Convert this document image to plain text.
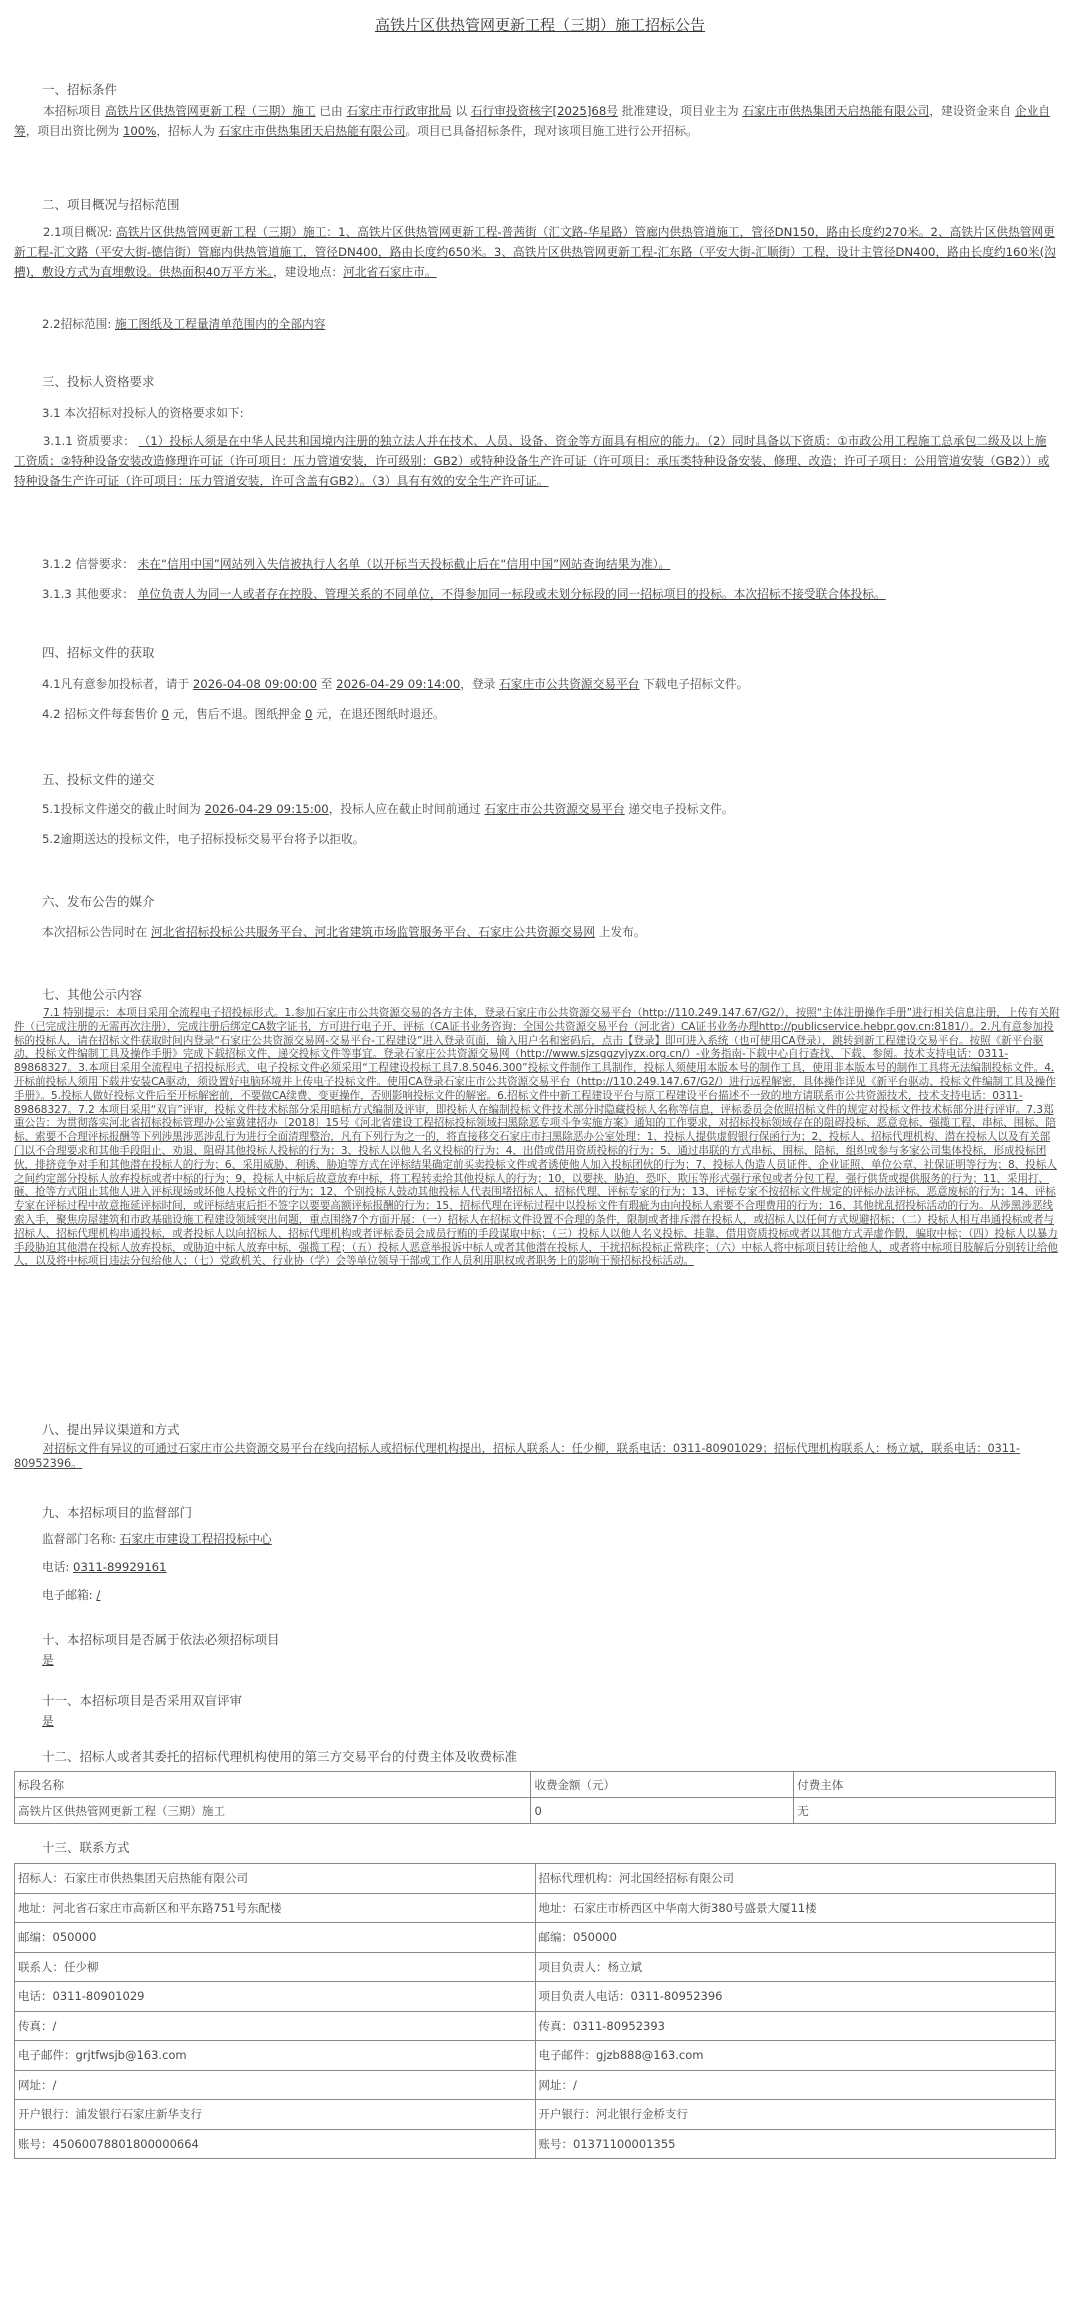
高铁片区供热管网更新工程（三期）施工招标公告
一、招标条件
本招标项目 高铁片区供热管网更新工程（三期）施工 已由 石家庄市行政审批局 以 石行审投资核字[2025]68号 批准建设，项目业主为 石家庄市供热集团天启热能有限公司，建设资金来自 企业自筹，项目出资比例为 100%，招标人为 石家庄市供热集团天启热能有限公司。项目已具备招标条件，现对该项目施工进行公开招标。
二、项目概况与招标范围
2.1项目概况: 高铁片区供热管网更新工程（三期）施工：1、高铁片区供热管网更新工程-普茜街（汇文路-华星路）管廊内供热管道施工，管径DN150，路由长度约270米。2、高铁片区供热管网更新工程-汇文路（平安大街-德信街）管廊内供热管道施工，管径DN400，路由长度约650米。3、高铁片区供热管网更新工程-汇东路（平安大街-汇顺街）工程，设计主管径DN400，路由长度约160米(沟槽)，敷设方式为直埋敷设。供热面积40万平方米。，建设地点：河北省石家庄市。
2.2招标范围: 施工图纸及工程量清单范围内的全部内容
三、投标人资格要求
3.1 本次招标对投标人的资格要求如下:
3.1.1 资质要求： （1）投标人须是在中华人民共和国境内注册的独立法人并在技术、人员、设备、资金等方面具有相应的能力。（2）同时具备以下资质：①市政公用工程施工总承包二级及以上施工资质；②特种设备安装改造修理许可证（许可项目：压力管道安装，许可级别：GB2）或特种设备生产许可证（许可项目：承压类特种设备安装、修理、改造；许可子项目：公用管道安装（GB2））或特种设备生产许可证（许可项目：压力管道安装，许可含盖有GB2）。（3）具有有效的安全生产许可证。
3.1.2 信誉要求： 未在“信用中国”网站列入失信被执行人名单（以开标当天投标截止后在“信用中国”网站查询结果为准）。
3.1.3 其他要求： 单位负责人为同一人或者存在控股、管理关系的不同单位，不得参加同一标段或未划分标段的同一招标项目的投标。本次招标不接受联合体投标。
四、招标文件的获取
4.1凡有意参加投标者，请于 2026-04-08 09:00:00 至 2026-04-29 09:14:00，登录 石家庄市公共资源交易平台 下载电子招标文件。
4.2 招标文件每套售价 0 元，售后不退。图纸押金 0 元，在退还图纸时退还。
五、投标文件的递交
5.1投标文件递交的截止时间为 2026-04-29 09:15:00，投标人应在截止时间前通过 石家庄市公共资源交易平台 递交电子投标文件。
5.2逾期送达的投标文件，电子招标投标交易平台将予以拒收。
六、发布公告的媒介
本次招标公告同时在 河北省招标投标公共服务平台、河北省建筑市场监管服务平台、石家庄公共资源交易网 上发布。
七、其他公示内容
7.1 特别提示：本项目采用全流程电子招投标形式。1.参加石家庄市公共资源交易的各方主体，登录石家庄市公共资源交易平台（http://110.249.147.67/G2/），按照“主体注册操作手册”进行相关信息注册，上传有关附件（已完成注册的无需再次注册），完成注册后绑定CA数字证书，方可进行电子开、评标（CA证书业务咨询：全国公共资源交易平台（河北省）CA证书业务办理http://publicservice.hebpr.gov.cn:8181/）。2.凡有意参加投标的投标人，请在招标文件获取时间内登录“石家庄公共资源交易网-交易平台-工程建设”进入登录页面，输入用户名和密码后，点击【登录】即可进入系统（也可使用CA登录），跳转到新工程建设交易平台。按照《新平台驱动、投标文件编制工具及操作手册》完成下载招标文件、递交投标文件等事宜。登录石家庄公共资源交易网（http://www.sjzsggzyjyzx.org.cn/）-业务指南-下载中心自行查找、下载、参阅。技术支持电话：0311-89868327。3.本项目采用全流程电子招投标形式，电子投标文件必须采用“工程建设投标工具7.8.5046.300”投标文件制作工具制作，投标人须使用本版本号的制作工具，使用非本版本号的制作工具将无法编制投标文件。4.开标前投标人须用下载并安装CA驱动，须设置好电脑环境并上传电子投标文件。使用CA登录石家庄市公共资源交易平台（http://110.249.147.67/G2/）进行远程解密，具体操作详见《新平台驱动、投标文件编制工具及操作手册》。5.投标人做好投标文件后至开标解密前，不要做CA续费、变更操作，否则影响投标文件的解密。6.招标文件中新工程建设平台与原工程建设平台描述不一致的地方请联系市公共资源技术，技术支持电话：0311-89868327。7.2 本项目采用“双盲”评审，投标文件技术标部分采用暗标方式编制及评审，即投标人在编制投标文件技术部分时隐藏投标人名称等信息，评标委员会依照招标文件的规定对投标文件技术标部分进行评审。7.3郑重公告：为贯彻落实河北省招标投标管理办公室冀建招办〔2018〕15号《河北省建设工程招标投标领域扫黑除恶专项斗争实施方案》通知的工作要求，对招标投标领域存在的阻碍投标、恶意竞标、强揽工程、串标、围标、陪标、索要不合理评标报酬等下列涉黑涉恶涉乱行为进行全面清理整治，凡有下列行为之一的，将直接移交石家庄市扫黑除恶办公室处理：1、投标人提供虚假银行保函行为；2、投标人、招标代理机构、潜在投标人以及有关部门以不合理要求和其他手段阻止、劝退、阻碍其他投标人投标的行为；3、投标人以他人名义投标的行为；4、出借或借用资质投标的行为；5、通过串联的方式串标、围标、陪标，组织或参与多家公司集体投标，形成投标团伙，排挤竞争对手和其他潜在投标人的行为；6、采用威胁、利诱、胁迫等方式在评标结果确定前买卖投标文件或者诱使他人加入投标团伙的行为；7、投标人伪造人员证件、企业证照、单位公章、社保证明等行为；8、投标人之间约定部分投标人放弃投标或者中标的行为；9、投标人中标后故意放弃中标，将工程转卖给其他投标人的行为；10、以要挟、胁迫、恐吓、欺压等形式强行承包或者分包工程，强行供货或提供服务的行为；11、采用打、砸、抢等方式阻止其他人进入评标现场或坏他人投标文件的行为；12、个别投标人鼓动其他投标人代表围堵招标人、招标代理、评标专家的行为；13、评标专家不按招标文件规定的评标办法评标、恶意废标的行为；14、评标专家在评标过程中故意拖延评标时间，或评标结束后拒不签字以要要高额评标报酬的行为；15、招标代理在评标过程中以投标文件有瑕疵为由向投标人索要不合理费用的行为；16、其他扰乱招投标活动的行为。从涉黑涉恶线索入手，聚焦房屋建筑和市政基础设施工程建设领域突出问题，重点围绕7个方面开展：（一）招标人在招标文件设置不合理的条件，限制或者排斥潜在投标人，或招标人以任何方式规避招标；（二）投标人相互串通投标或者与招标人、招标代理机构串通投标，或者投标人以向招标人、招标代理机构或者评标委员会成员行贿的手段谋取中标；（三）投标人以他人名义投标、挂靠、借用资质投标或者以其他方式弄虚作假，骗取中标；（四）投标人以暴力手段胁迫其他潜在投标人放弃投标，或胁迫中标人放弃中标，强揽工程；（五）投标人恶意举报诉中标人或者其他潜在投标人，干扰招标投标正常秩序；（六）中标人将中标项目转让给他人，或者将中标项目肢解后分别转让给他人，以及将中标项目违法分包给他人；（七）党政机关、行业协（学）会等单位领导干部或工作人员利用职权或者职务上的影响干预招标投标活动。
八、提出异议渠道和方式
对招标文件有异议的可通过石家庄市公共资源交易平台在线向招标人或招标代理机构提出，招标人联系人：任少柳，联系电话：0311-80901029；招标代理机构联系人：杨立斌，联系电话：0311-80952396。
九、本招标项目的监督部门
监督部门名称: 石家庄市建设工程招投标中心
电话: 0311-89929161
电子邮箱: /
十、本招标项目是否属于依法必须招标项目
是
十一、本招标项目是否采用双盲评审
是
十二、招标人或者其委托的招标代理机构使用的第三方交易平台的付费主体及收费标准
标段名称	收费金额（元）	付费主体
高铁片区供热管网更新工程（三期）施工	0	无
十三、联系方式
招标人：石家庄市供热集团天启热能有限公司	招标代理机构：河北国经招标有限公司
地址：河北省石家庄市高新区和平东路751号东配楼	地址：石家庄市桥西区中华南大街380号盛景大厦11楼
邮编：050000	邮编：050000
联系人：任少柳	项目负责人：杨立斌
电话：0311-80901029	项目负责人电话：0311-80952396
传真：/	传真：0311-80952393
电子邮件：grjtfwsjb@163.com	电子邮件：gjzb888@163.com
网址：/	网址：/
开户银行：浦发银行石家庄新华支行	开户银行：河北银行金桥支行
账号：45060078801800000664	账号：01371100001355
